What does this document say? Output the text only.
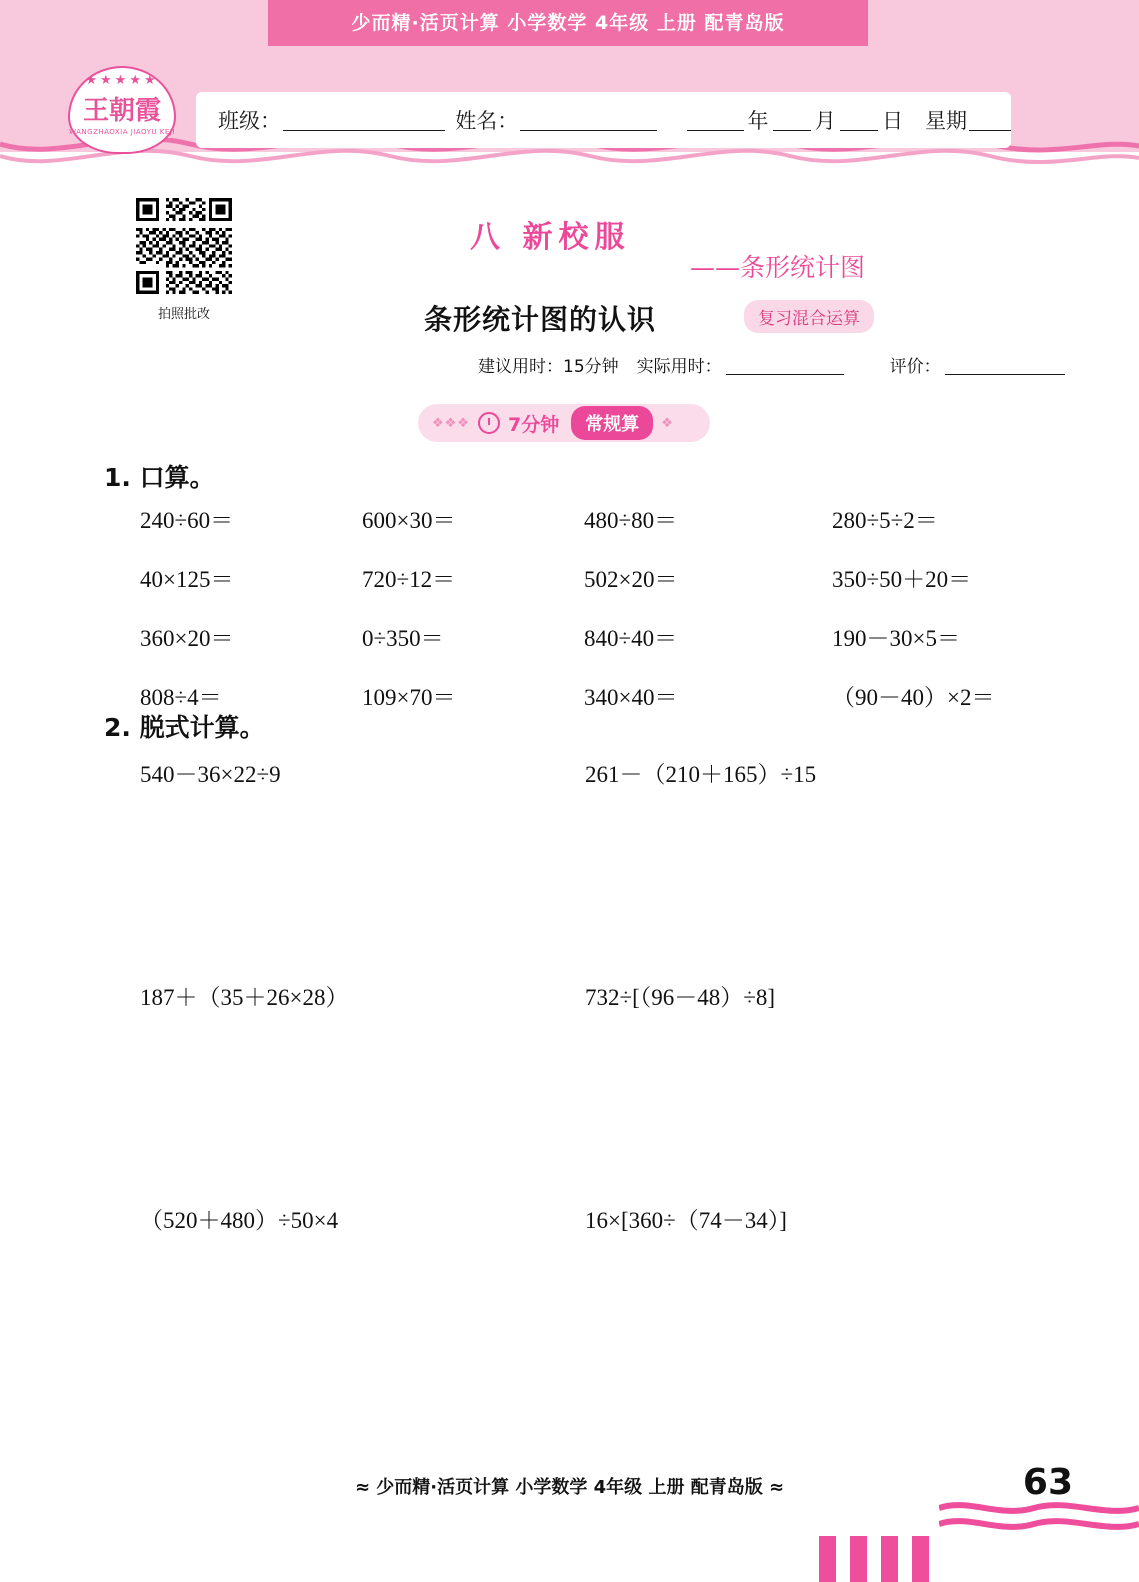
少而精·活页计算 小学数学 4年级 上册 配青岛版
★★★★★
王朝霞
WANGZHAOXIA JIAOYU KEJI	班级：	姓名：	年 月 日 星期
拍照批改
八 新校服
——条形统计图
条形统计图的认识	复习混合运算
建议用时：15分钟 实际用时：	评价：
❖❖❖ 7分钟	常规算	❖
1. 口算。
240÷60＝	600×30＝	480÷80＝	280÷5÷2＝
40×125＝	720÷12＝	502×20＝	350÷50＋20＝
360×20＝	0÷350＝	840÷40＝	190－30×5＝
808÷4＝	109×70＝	340×40＝	（90－40）×2＝
2. 脱式计算。
540－36×22÷9	261－（210＋165）÷15
187＋（35＋26×28）	732÷[（96－48）÷8]
（520＋480）÷50×4	16×[360÷（74－34）]
≈ 少而精·活页计算 小学数学 4年级 上册 配青岛版 ≈	63
